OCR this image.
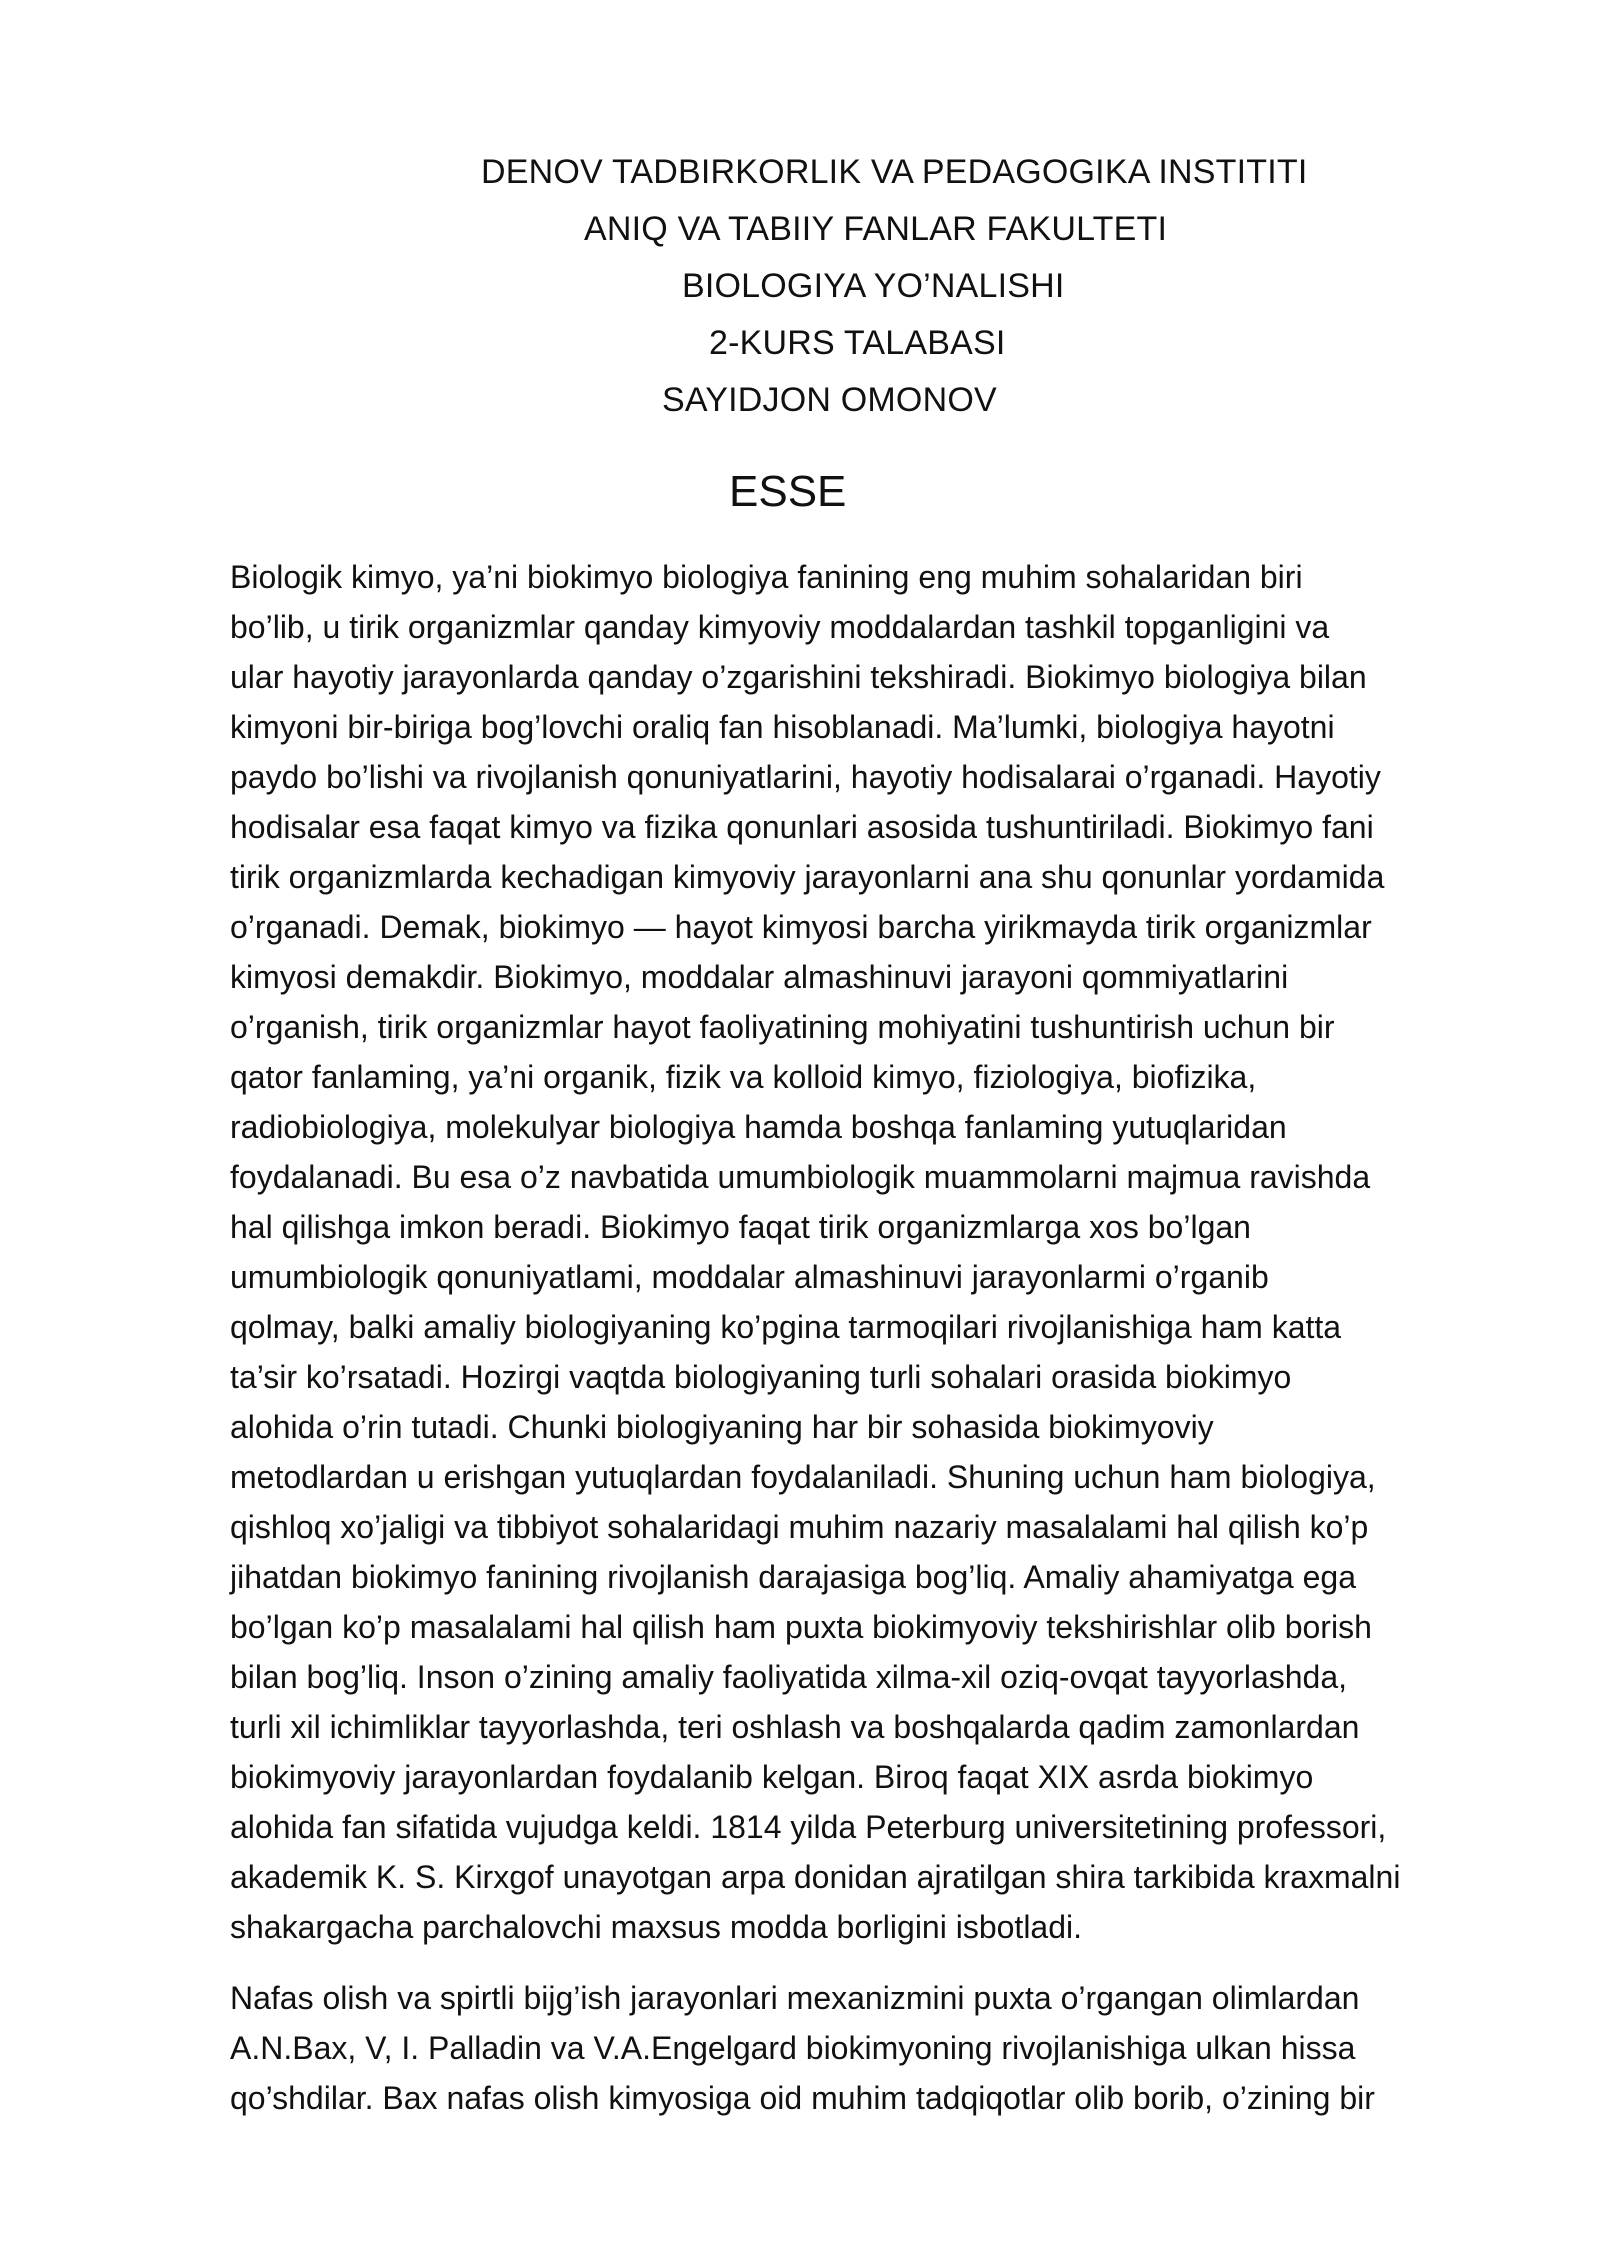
DENOV TADBIRKORLIK VA PEDAGOGIKA INSTITITI
ANIQ VA TABIIY FANLAR FAKULTETI
BIOLOGIYA YO’NALISHI
2-KURS TALABASI
SAYIDJON OMONOV
ESSE
Biologik kimyo, ya’ni biokimyo biologiya fanining eng muhim sohalaridan biri
bo’lib, u tirik organizmlar qanday kimyoviy moddalardan tashkil topganligini va
ular hayotiy jarayonlarda qanday o’zgarishini tekshiradi. Biokimyo biologiya bilan
kimyoni bir-biriga bog’lovchi oraliq fan hisoblanadi. Ma’lumki, biologiya hayotni
paydo bo’lishi va rivojlanish qonuniyatlarini, hayotiy hodisalarai o’rganadi. Hayotiy
hodisalar esa faqat kimyo va fizika qonunlari asosida tushuntiriladi. Biokimyo fani
tirik organizmlarda kechadigan kimyoviy jarayonlarni ana shu qonunlar yordamida
o’rganadi. Demak, biokimyo — hayot kimyosi barcha yirikmayda tirik organizmlar
kimyosi demakdir. Biokimyo, moddalar almashinuvi jarayoni qommiyatlarini
o’rganish, tirik organizmlar hayot faoliyatining mohiyatini tushuntirish uchun bir
qator fanlaming, ya’ni organik, fizik va kolloid kimyo, fiziologiya, biofizika,
radiobiologiya, molekulyar biologiya hamda boshqa fanlaming yutuqlaridan
foydalanadi. Bu esa o’z navbatida umumbiologik muammolarni majmua ravishda
hal qilishga imkon beradi. Biokimyo faqat tirik organizmlarga xos bo’lgan
umumbiologik qonuniyatlami, moddalar almashinuvi jarayonlarmi o’rganib
qolmay, balki amaliy biologiyaning ko’pgina tarmoqilari rivojlanishiga ham katta
ta’sir ko’rsatadi. Hozirgi vaqtda biologiyaning turli sohalari orasida biokimyo
alohida o’rin tutadi. Chunki biologiyaning har bir sohasida biokimyoviy
metodlardan u erishgan yutuqlardan foydalaniladi. Shuning uchun ham biologiya,
qishloq xo’jaligi va tibbiyot sohalaridagi muhim nazariy masalalami hal qilish ko’p
jihatdan biokimyo fanining rivojlanish darajasiga bog’liq. Amaliy ahamiyatga ega
bo’lgan ko’p masalalami hal qilish ham puxta biokimyoviy tekshirishlar olib borish
bilan bog’liq. Inson o’zining amaliy faoliyatida xilma-xil oziq-ovqat tayyorlashda,
turli xil ichimliklar tayyorlashda, teri oshlash va boshqalarda qadim zamonlardan
biokimyoviy jarayonlardan foydalanib kelgan. Biroq faqat XIX asrda biokimyo
alohida fan sifatida vujudga keldi. 1814 yilda Peterburg universitetining professori,
akademik K. S. Kirxgof unayotgan arpa donidan ajratilgan shira tarkibida kraxmalni
shakargacha parchalovchi maxsus modda borligini isbotladi.
Nafas olish va spirtli bijg’ish jarayonlari mexanizmini puxta o’rgangan olimlardan
A.N.Bax, V, I. Palladin va V.A.Engelgard biokimyoning rivojlanishiga ulkan hissa
qo’shdilar. Bax nafas olish kimyosiga oid muhim tadqiqotlar olib borib, o’zining bir
